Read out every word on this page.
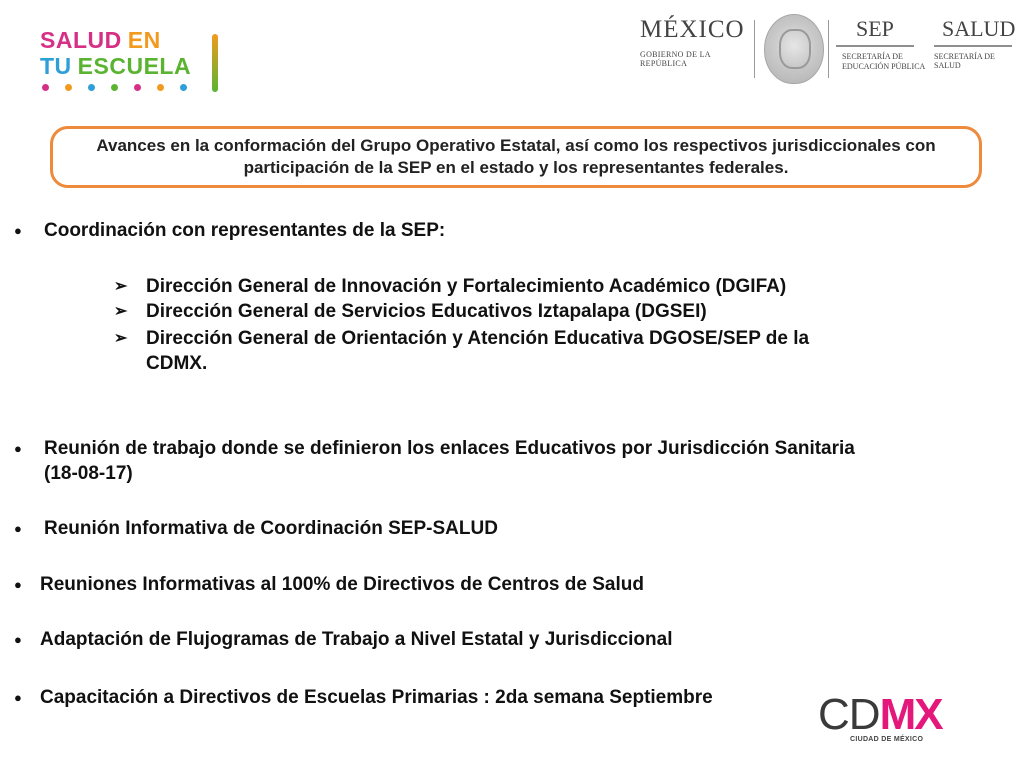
SALUD EN
TU ESCUELA
MÉXICO
GOBIERNO DE LA REPÚBLICA
SEP
SECRETARÍA DE
EDUCACIÓN PÚBLICA
SALUD
SECRETARÍA DE SALUD
Avances en la conformación del Grupo Operativo Estatal, así como los respectivos jurisdiccionales con participación de la SEP en el estado y los representantes federales.
●	Coordinación con representantes de la SEP:
➢ Dirección General de Innovación y Fortalecimiento Académico (DGIFA)
➢ Dirección General de Servicios Educativos Iztapalapa (DGSEI)
➢ Dirección General de Orientación y Atención Educativa DGOSE/SEP de la
CDMX.
●	Reunión de trabajo donde se definieron los enlaces Educativos por Jurisdicción Sanitaria
(18-08-17)
●	Reunión Informativa de Coordinación SEP-SALUD
● Reuniones Informativas al 100% de Directivos de Centros de Salud
● Adaptación de Flujogramas de Trabajo a Nivel Estatal y Jurisdiccional
● Capacitación a Directivos de Escuelas Primarias : 2da semana Septiembre CDMX
CIUDAD DE MÉXICO
